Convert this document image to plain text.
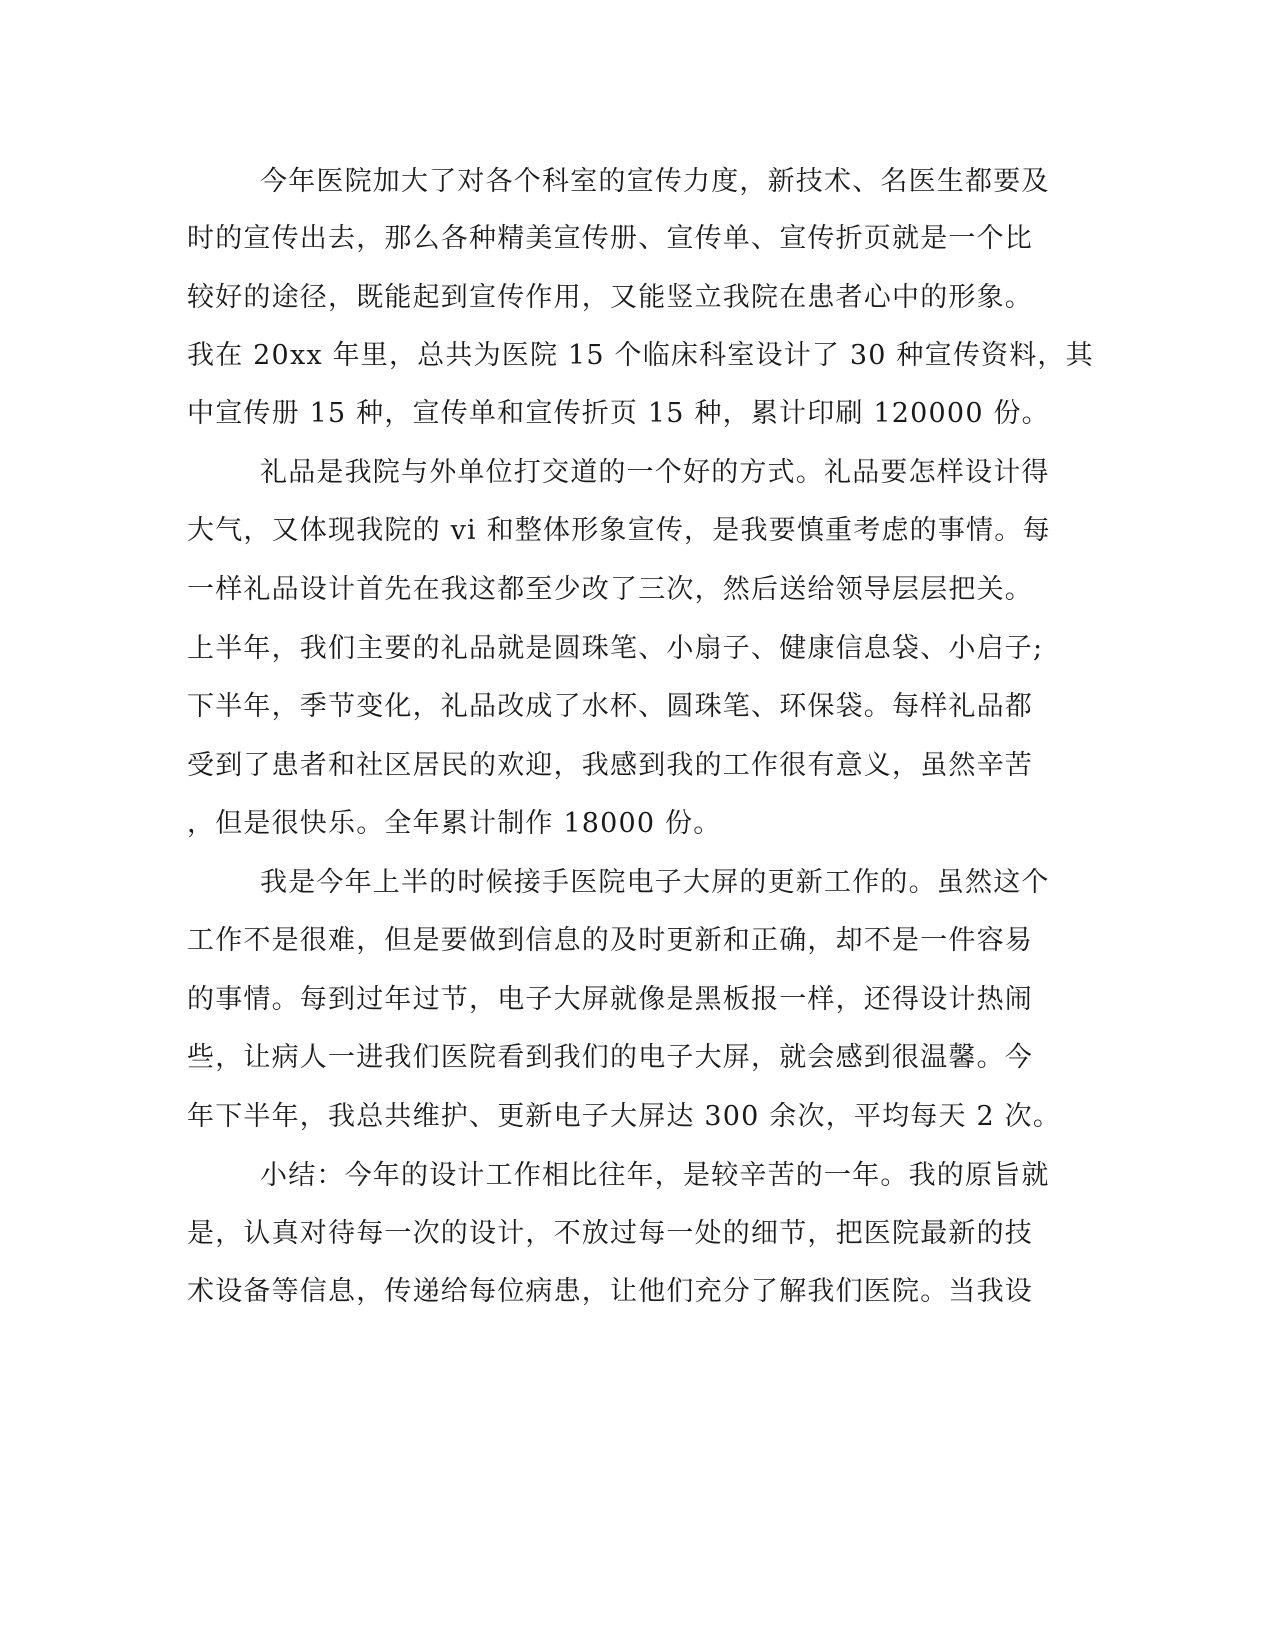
今年医院加大了对各个科室的宣传力度，新技术、名医生都要及
时的宣传出去，那么各种精美宣传册、宣传单、宣传折页就是一个比
较好的途径，既能起到宣传作用，又能竖立我院在患者心中的形象。
我在 20xx 年里，总共为医院 15 个临床科室设计了 30 种宣传资料，其
中宣传册 15 种，宣传单和宣传折页 15 种，累计印刷 120000 份。
礼品是我院与外单位打交道的一个好的方式。礼品要怎样设计得
大气，又体现我院的 vi 和整体形象宣传，是我要慎重考虑的事情。每
一样礼品设计首先在我这都至少改了三次，然后送给领导层层把关。
上半年，我们主要的礼品就是圆珠笔、小扇子、健康信息袋、小启子;
下半年，季节变化，礼品改成了水杯、圆珠笔、环保袋。每样礼品都
受到了患者和社区居民的欢迎，我感到我的工作很有意义，虽然辛苦
，但是很快乐。全年累计制作 18000 份。
我是今年上半的时候接手医院电子大屏的更新工作的。虽然这个
工作不是很难，但是要做到信息的及时更新和正确，却不是一件容易
的事情。每到过年过节，电子大屏就像是黑板报一样，还得设计热闹
些，让病人一进我们医院看到我们的电子大屏，就会感到很温馨。今
年下半年，我总共维护、更新电子大屏达 300 余次，平均每天 2 次。
小结：今年的设计工作相比往年，是较辛苦的一年。我的原旨就
是，认真对待每一次的设计，不放过每一处的细节，把医院最新的技
术设备等信息，传递给每位病患，让他们充分了解我们医院。当我设
